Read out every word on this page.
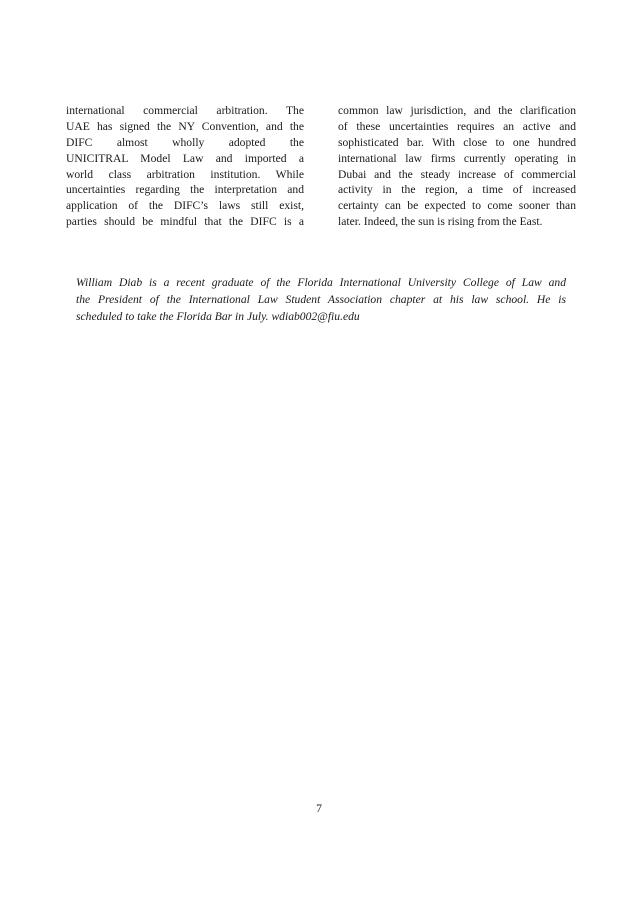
international commercial arbitration. The
UAE has signed the NY Convention, and the
DIFC almost wholly adopted the
UNICITRAL Model Law and imported a
world class arbitration institution. While
uncertainties regarding the interpretation and
application of the DIFC’s laws still exist,
parties should be mindful that the DIFC is a
common law jurisdiction, and the clarification
of these uncertainties requires an active and
sophisticated bar. With close to one hundred
international law firms currently operating in
Dubai and the steady increase of commercial
activity in the region, a time of increased
certainty can be expected to come sooner than
later. Indeed, the sun is rising from the East.
William Diab is a recent graduate of the Florida International University College of Law and
the President of the International Law Student Association chapter at his law school. He is
scheduled to take the Florida Bar in July. wdiab002@fiu.edu
7
